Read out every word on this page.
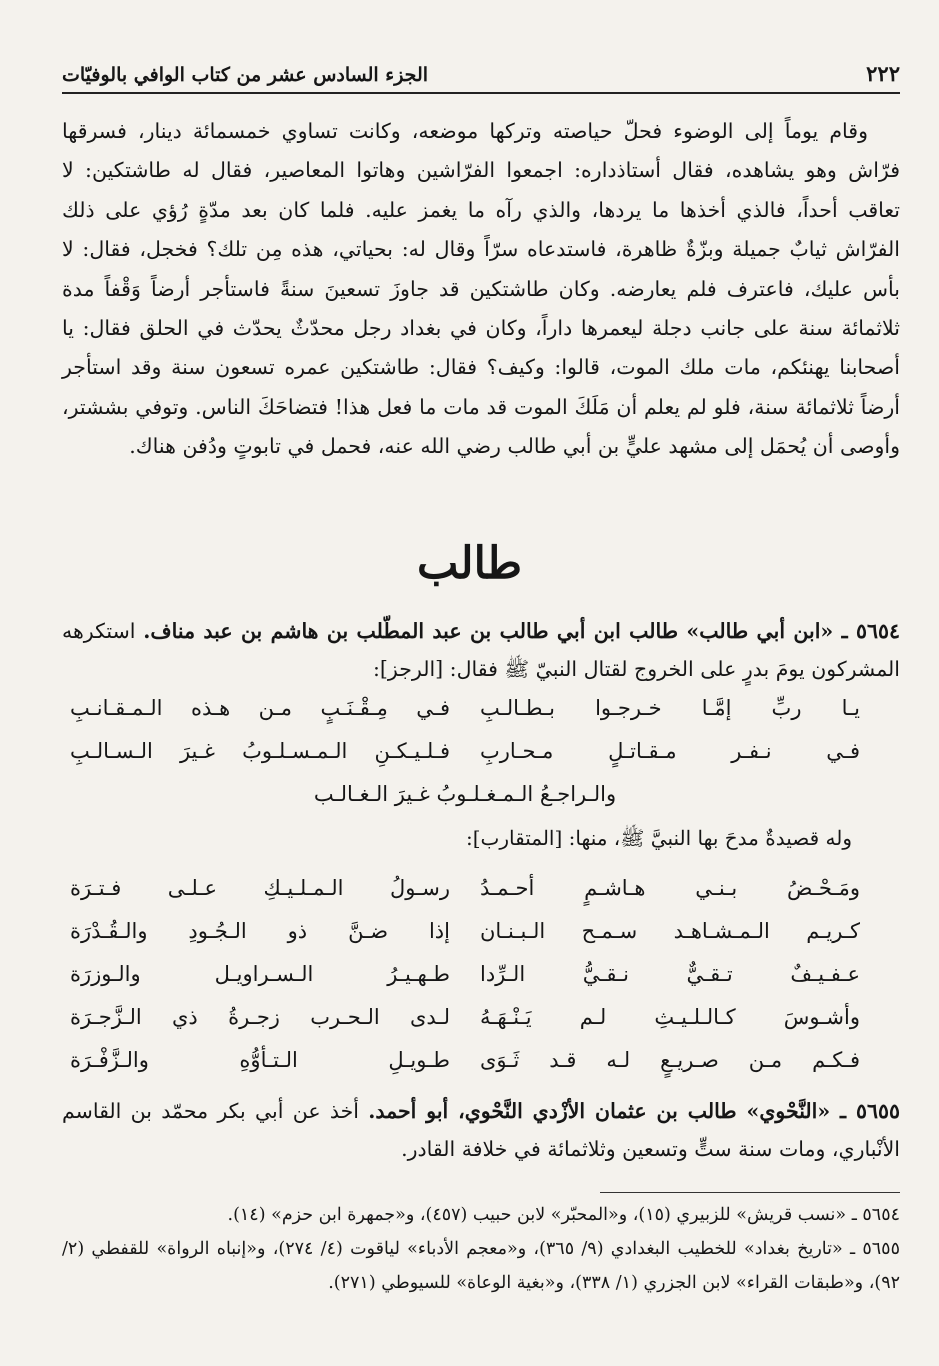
٢٢٢
الجزء السادس عشر من كتاب الوافي بالوفيّات

وقام يوماً إلى الوضوء فحلّ حياصته وتركها موضعه، وكانت تساوي خمسمائة دينار، فسرقها فرّاش وهو يشاهده، فقال أستاذداره: اجمعوا الفرّاشين وهاتوا المعاصير، فقال له طاشتكين: لا تعاقب أحداً، فالذي أخذها ما يردها، والذي رآه ما يغمز عليه. فلما كان بعد مدّةٍ رُؤي على ذلك الفرّاش ثيابٌ جميلة وبزّةٌ ظاهرة، فاستدعاه سرّاً وقال له: بحياتي، هذه مِن تلك؟ فخجل، فقال: لا بأس عليك، فاعترف فلم يعارضه. وكان طاشتكين قد جاوزَ تسعينَ سنةً فاستأجر أرضاً وَقْفاً مدة ثلاثمائة سنة على جانب دجلة ليعمرها داراً، وكان في بغداد رجل محدّثٌ يحدّث في الحلق فقال: يا أصحابنا يهنئكم، مات ملك الموت، قالوا: وكيف؟ فقال: طاشتكين عمره تسعون سنة وقد استأجر أرضاً ثلاثمائة سنة، فلو لم يعلم أن مَلَكَ الموت قد مات ما فعل هذا! فتضاحَكَ الناس. وتوفي بششتر، وأوصى أن يُحمَل إلى مشهد عليٍّ بن أبي طالب رضي الله عنه، فحمل في تابوتٍ ودُفن هناك.

طالب

٥٦٥٤ ـ «ابن أبي طالب» طالب ابن أبي طالب بن عبد المطّلب بن هاشم بن عبد مناف. استكرهه المشركون يومَ بدرٍ على الخروج لقتال النبيّ ﷺ فقال: [الرجز]:

يـا ربِّ إمَّـا خـرجـوا بـطـالـبِ
فـي مِـقْـنَـبٍ مـن هـذه الـمـقـانـبِ
فـي نـفـر مـقـاتـلٍ مـحـاربِ
فـلـيـكـنِ الـمـسـلـوبُ غـيرَ الـسـالـبِ
والـراجـعُ الـمـغـلـوبُ غـيرَ الـغـالـب
وله قصيدةٌ مدحَ بها النبيَّ ﷺ، منها: [المتقارب]:
ومَـحْـضُ بـنـي هـاشـمٍ أحـمـدُ
رسـولُ الـمـلـيـكِ عـلـى فـتـرَة
كـريـم الـمـشـاهـد سـمـح الـبـنـان
إذا ضـنَّ ذو الـجُـودِ والـقُـدْرَة
عـفـيـفٌ تـقـيٌّ نـقـيُّ الـرِّدا
طـهـيـرُ الـسـراويـل والـوزرَة
وأشـوسَ كـالـلـيـثِ لـم يَـنْـهَـهُ
لـدى الـحـرب زجـرةُ ذي الـزَّجـرَة
فـكـم مـن صـريـعٍ لـه قـد ثَـوَى
طـويـلِ الـتـأوُّهِ والـزَّفْـرَة

٥٦٥٥ ـ «النَّحْوي» طالب بن عثمان الأزْدي النَّحْوي، أبو أحمد. أخذ عن أبي بكر محمّد بن القاسم الأنْباري، ومات سنة ستٍّ وتسعين وثلاثمائة في خلافة القادر.

٥٦٥٤ ـ «نسب قريش» للزبيري (١٥)، و«المحبّر» لابن حبيب (٤٥٧)، و«جمهرة ابن حزم» (١٤).

٥٦٥٥ ـ «تاريخ بغداد» للخطيب البغدادي (٩/ ٣٦٥)، و«معجم الأدباء» لياقوت (٤/ ٢٧٤)، و«إنباه الرواة» للقفطي (٢/ ٩٢)، و«طبقات القراء» لابن الجزري (١/ ٣٣٨)، و«بغية الوعاة» للسيوطي (٢٧١).
